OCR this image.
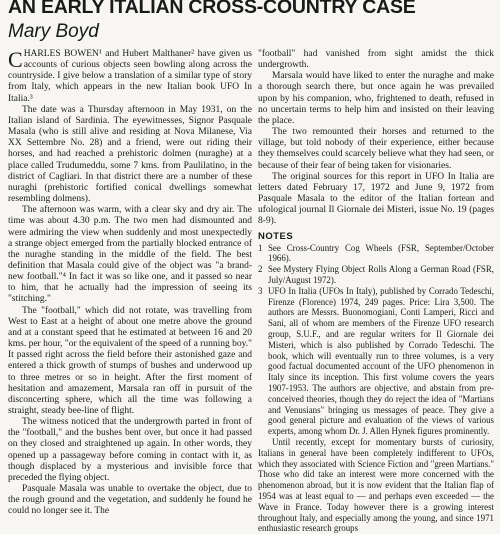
AN EARLY ITALIAN CROSS-COUNTRY CASE
Mary Boyd

CHARLES BOWEN¹ and Hubert Malthaner² have given us accounts of curious objects seen bowling along across the countryside. I give below a translation of a similar type of story from Italy, which appears in the new Italian book UFO In Italia.³

The date was a Thursday afternoon in May 1931, on the Italian island of Sardinia. The eyewitnesses, Signor Pasquale Masala (who is still alive and residing at Nova Milanese, Via XX Settembre No. 28) and a friend, were out riding their horses, and had reached a prehistoric dolmen (nuraghe) at a place called Trudumeddu, some 7 kms. from Paulilatino, in the district of Cagliari. In that district there are a number of these nuraghi (prehistoric fortified conical dwellings somewhat resembling dolmens).

The afternoon was warm, with a clear sky and dry air. The time was about 4.30 p.m. The two men had dismounted and were admiring the view when suddenly and most unexpectedly a strange object emerged from the partially blocked entrance of the nuraghe standing in the middle of the field. The best definition that Masala could give of the object was "a brand-new football."⁴ In fact it was so like one, and it passed so near to him, that he actually had the impression of seeing its "stitching."

The "football," which did not rotate, was travelling from West to East at a height of about one metre above the ground and at a constant speed that he estimated at between 16 and 20 kms. per hour, "or the equivalent of the speed of a running boy." It passed right across the field before their astonished gaze and entered a thick growth of stumps of bushes and underwood up to three metres or so in height. After the first moment of hesitation and amazement, Marsala ran off in pursuit of the disconcerting sphere, which all the time was following a straight, steady bee-line of flight.

The witness noticed that the undergrowth parted in front of the "football," and the bushes bent over, but once it had passed on they closed and straightened up again. In other words, they opened up a passageway before coming in contact with it, as though displaced by a mysterious and invisible force that preceded the flying object.

Pasquale Masala was unable to overtake the object, due to the rough ground and the vegetation, and suddenly he found he could no longer see it. The

"football" had vanished from sight amidst the thick undergrowth.

Marsala would have liked to enter the nuraghe and make a thorough search there, but once again he was prevailed upon by his companion, who, frightened to death, refused in no uncertain terms to help him and insisted on their leaving the place.

The two remounted their horses and returned to the village, but told nobody of their experience, either because they themselves could scarcely believe what they had seen, or because of their fear of being taken for visionaries.

The original sources for this report in UFO In Italia are letters dated February 17, 1972 and June 9, 1972 from Pasquale Masala to the editor of the Italian fortean and ufological journal Il Giornale dei Misteri, issue No. 19 (pages 8-9).

NOTES
1 See Cross-Country Cog Wheels (FSR, September/October 1966).
2 See Mystery Flying Object Rolls Along a German Road (FSR, July/August 1972).
3 UFO In Italia (UFOs In Italy), published by Corrado Tedeschi, Firenze (Florence) 1974, 249 pages. Price: Lira 3,500. The authors are Messrs. Buonomogiani, Conti Lamperi, Ricci and Sani, all of whom are members of the Firenze UFO research group, S.U.F., and are regular writers for Il Giornale dei Misteri, which is also published by Corrado Tedeschi. The book, which will eventually run to three volumes, is a very good factual documented account of the UFO phenomenon in Italy since its inception. This first volume covers the years 1907-1953. The authors are objective, and abstain from pre-conceived theories, though they do reject the idea of "Martians and Venusians" bringing us messages of peace. They give a good general picture and evaluation of the views of various experts, among whom Dr. J. Allen Hynek figures prominently.

Until recently, except for momentary bursts of curiosity, Italians in general have been completely indifferent to UFOs, which they associated with Science Fiction and "green Martians." Those who did take an interest were more concerned with the phenomenon abroad, but it is now evident that the Italian flap of 1954 was at least equal to — and perhaps even exceeded — the Wave in France. Today however there is a growing interest throughout Italy, and especially among the young, and since 1971 enthusiastic research groups
